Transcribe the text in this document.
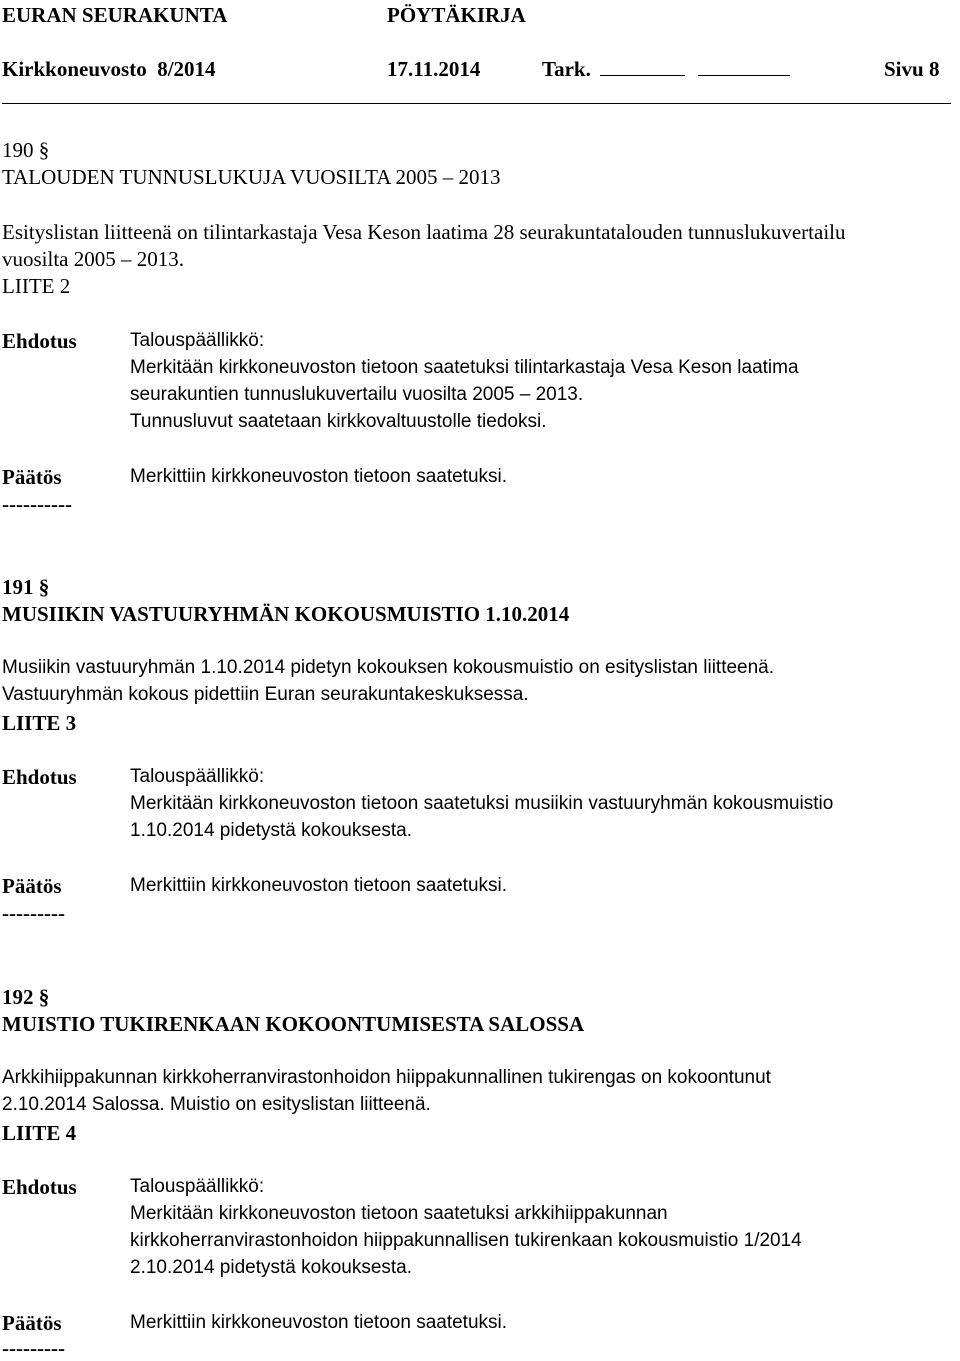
EURAN SEURAKUNTA	PÖYTÄKIRJA
Kirkkoneuvosto  8/2014	17.11.2014	Tark.	Sivu 8
190 §
TALOUDEN TUNNUSLUKUJA VUOSILTA 2005 – 2013
Esityslistan liitteenä on tilintarkastaja Vesa Keson laatima 28 seurakuntatalouden tunnuslukuvertailu
vuosilta 2005 – 2013.
LIITE 2
Ehdotus	Talouspäällikkö:
Merkitään kirkkoneuvoston tietoon saatetuksi tilintarkastaja Vesa Keson laatima
seurakuntien tunnuslukuvertailu vuosilta 2005 – 2013.
Tunnusluvut saatetaan kirkkovaltuustolle tiedoksi.
Päätös	Merkittiin kirkkoneuvoston tietoon saatetuksi.
----------
191 §
MUSIIKIN VASTUURYHMÄN KOKOUSMUISTIO 1.10.2014
Musiikin vastuuryhmän 1.10.2014 pidetyn kokouksen kokousmuistio on esityslistan liitteenä.
Vastuuryhmän kokous pidettiin Euran seurakuntakeskuksessa.
LIITE 3
Ehdotus	Talouspäällikkö:
Merkitään kirkkoneuvoston tietoon saatetuksi musiikin vastuuryhmän kokousmuistio
1.10.2014 pidetystä kokouksesta.
Päätös	Merkittiin kirkkoneuvoston tietoon saatetuksi.
---------
192 §
MUISTIO TUKIRENKAAN KOKOONTUMISESTA SALOSSA
Arkkihiippakunnan kirkkoherranvirastonhoidon hiippakunnallinen tukirengas on kokoontunut
2.10.2014 Salossa. Muistio on esityslistan liitteenä.
LIITE 4
Ehdotus	Talouspäällikkö:
Merkitään kirkkoneuvoston tietoon saatetuksi arkkihiippakunnan
kirkkoherranvirastonhoidon hiippakunnallisen tukirenkaan kokousmuistio 1/2014
2.10.2014 pidetystä kokouksesta.
Päätös	Merkittiin kirkkoneuvoston tietoon saatetuksi.
---------
